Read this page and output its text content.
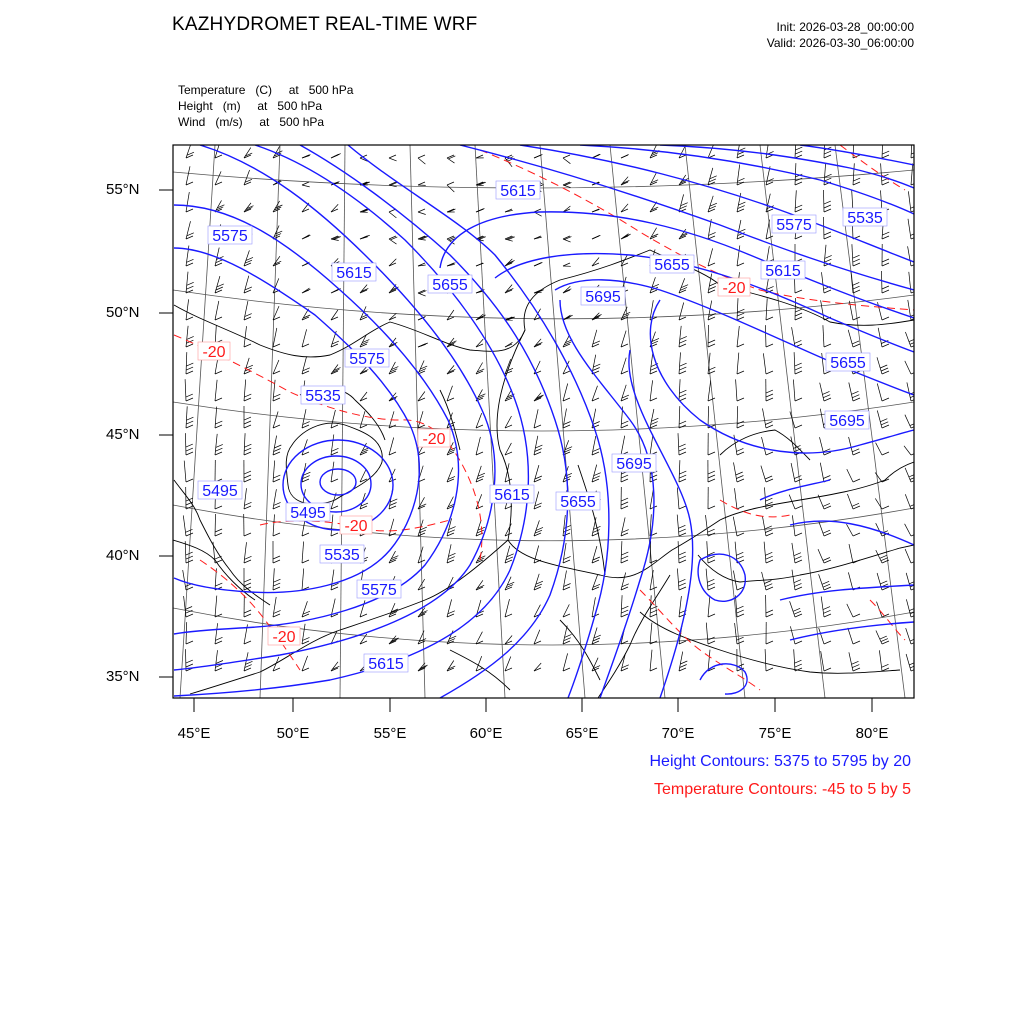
KAZHYDROMET REAL-TIME WRF	Init: 2026-03-28_00:00:00
Valid: 2026-03-30_06:00:00
Temperature   (C)     at   500 hPa
Height   (m)     at   500 hPa
Wind   (m/s)     at   500 hPa
5615
5575 5535
5615
5655
5655	5615
5695
5575
5535
5655
5695
5695
5495
5495
5615 5655
5535
5575
5615
5575
-20
-20
-20
-20
-20
55°N
50°N
45°N
40°N
35°N
45°E	50°E	55°E	60°E	65°E	70°E	75°E	80°E
Height Contours: 5375 to 5795 by 20
Temperature Contours: -45 to 5 by 5
